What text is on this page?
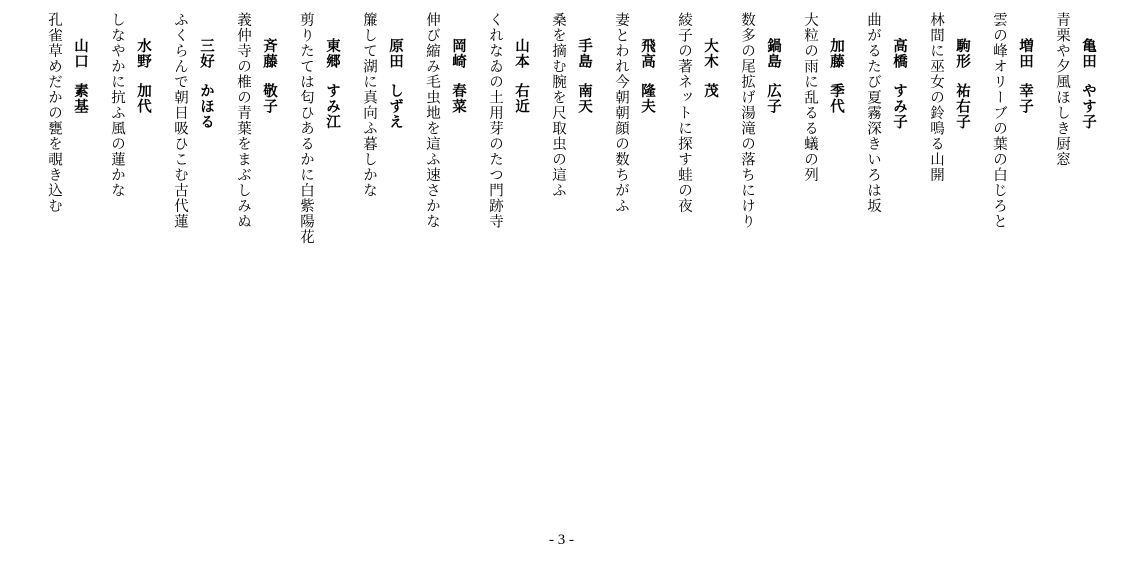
亀田やす子
青栗や夕風ほしき厨窓
増田幸子
雲の峰オリーブの葉の白じろと
駒形祐右子
林間に巫女の鈴鳴る山開
高橋すみ子
曲がるたび夏霧深きいろは坂
加藤季代
大粒の雨に乱るる蟻の列
鍋島広子
数多の尾拡げ湯滝の落ちにけり
大木茂
綾子の著ネットに探す蛙の夜
飛高隆夫
妻とわれ今朝朝顔の数ちがふ
手島南天
桑を摘む腕を尺取虫の這ふ
山本右近
くれなゐの土用芽のたつ門跡寺
岡崎春菜
伸び縮み毛虫地を這ふ速さかな
原田しずえ
簾して湖に真向ふ暮しかな
東郷すみ江
剪りたては匂ひあるかに白紫陽花
斉藤敬子
義仲寺の椎の青葉をまぶしみぬ
三好かほる
ふくらんで朝日吸ひこむ古代蓮
水野加代
しなやかに抗ふ風の蓮かな
山口素基
孔雀草めだかの甕を覗き込む
- 3 -
